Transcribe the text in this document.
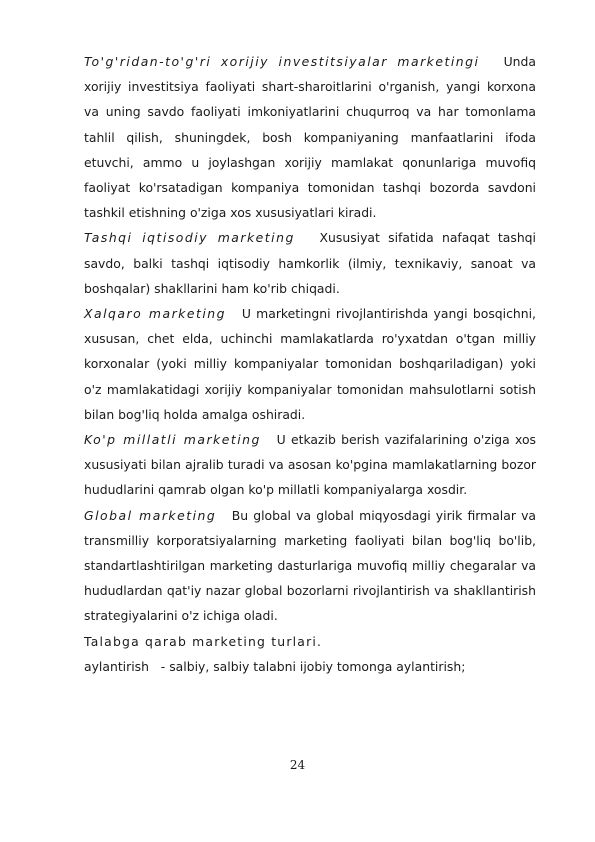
To'g'ridan-to'g'ri xorijiy investitsiyalar marketingi Unda xorijiy investitsiya faoliyati shart-sharoitlarini o'rganish, yangi korxona va uning savdo faoliyati imkoniyatlarini chuqurroq va har tomonlama tahlil qilish, shuningdek, bosh kompaniyaning manfaatlarini ifoda etuvchi, ammo u joylashgan xorijiy mamlakat qonunlariga muvofiq faoliyat ko'rsatadigan kompaniya tomonidan tashqi bozorda savdoni tashkil etishning o'ziga xos xususiyatlari kiradi.

Tashqi iqtisodiy marketing Xususiyat sifatida nafaqat tashqi savdo, balki tashqi iqtisodiy hamkorlik (ilmiy, texnikaviy, sanoat va boshqalar) shakllarini ham ko'rib chiqadi.

Xalqaro marketing U marketingni rivojlantirishda yangi bosqichni, xususan, chet elda, uchinchi mamlakatlarda ro'yxatdan o'tgan milliy korxonalar (yoki milliy kompaniyalar tomonidan boshqariladigan) yoki o'z mamlakatidagi xorijiy kompaniyalar tomonidan mahsulotlarni sotish bilan bog'liq holda amalga oshiradi.

Ko'p millatli marketing U etkazib berish vazifalarining o'ziga xos xususiyati bilan ajralib turadi va asosan ko'pgina mamlakatlarning bozor hududlarini qamrab olgan ko'p millatli kompaniyalarga xosdir.

Global marketing Bu global va global miqyosdagi yirik firmalar va transmilliy korporatsiyalarning marketing faoliyati bilan bog'liq bo'lib, standartlashtirilgan marketing dasturlariga muvofiq milliy chegaralar va hududlardan qat'iy nazar global bozorlarni rivojlantirish va shakllantirish strategiyalarini o'z ichiga oladi.

Talabga qarab marketing turlari.

aylantirish - salbiy, salbiy talabni ijobiy tomonga aylantirish;

24
